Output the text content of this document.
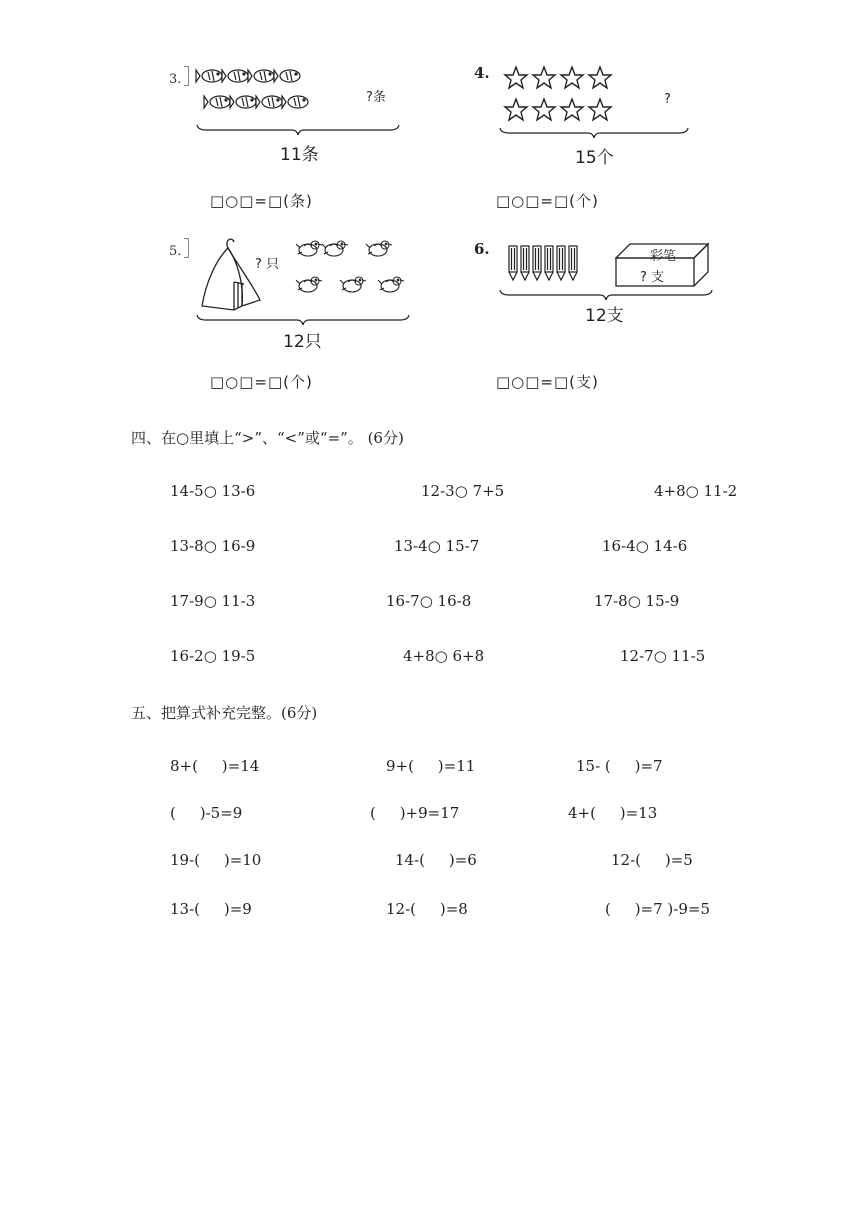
3.
?条
11条
□○□=□(条)
4.
?
15个
□○□=□(个)
5.
? 只
12只
□○□=□(个)
6.	彩笔
? 支
12支
□○□=□(支)
四、在○里填上“>”、“<”或“=”。 (6分)
14-5○ 13-6	12-3○ 7+5	4+8○ 11-2
13-8○ 16-9	13-4○ 15-7	16-4○ 14-6
17-9○ 11-3	16-7○ 16-8	17-8○ 15-9
16-2○ 19-5	4+8○ 6+8	12-7○ 11-5
五、把算式补充完整。(6分)
8+(     )=14	9+(     )=11	15- (     )=7
(     )-5=9	(     )+9=17	4+(     )=13
19-(     )=10	14-(     )=6	12-(     )=5
13-(     )=9	12-(     )=8	(     )=7 )-9=5
